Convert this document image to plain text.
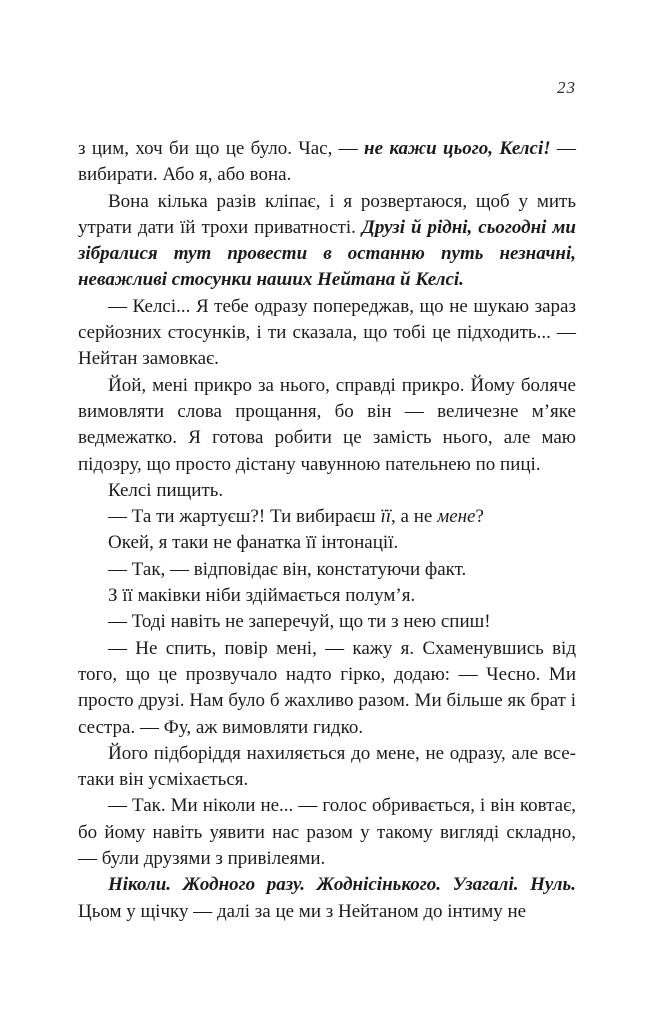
23

з цим, хоч би що це було. Час, — не кажи цього, Келсі! — вибирати. Або я, або вона.

Вона кілька разів кліпає, і я розвертаюся, щоб у мить утрати дати їй трохи приватності. Друзі й рідні, сьогодні ми зібралися тут провести в останню путь незначні, неважливі стосунки наших Нейтана й Келсі.

— Келсі... Я тебе одразу попереджав, що не шукаю зараз серйозних стосунків, і ти сказала, що тобі це підходить... — Нейтан замовкає.

Йой, мені прикро за нього, справді прикро. Йому боляче вимовляти слова прощання, бо він — величезне м’яке ведмежатко. Я готова робити це замість нього, але маю підозру, що просто дістану чавунною пательнею по пиці.

Келсі пищить.

— Та ти жартуєш?! Ти вибираєш її, а не мене?

Окей, я таки не фанатка її інтонації.

— Так, — відповідає він, констатуючи факт.

З її маківки ніби здіймається полум’я.

— Тоді навіть не заперечуй, що ти з нею спиш!

— Не спить, повір мені, — кажу я. Схаменувшись від того, що це прозвучало надто гірко, додаю: — Чесно. Ми просто друзі. Нам було б жахливо разом. Ми більше як брат і сестра. — Фу, аж вимовляти гидко.

Його підборіддя нахиляється до мене, не одразу, але все-таки він усміхається.

— Так. Ми ніколи не... — голос обривається, і він ковтає, бо йому навіть уявити нас разом у такому вигляді складно, — були друзями з привілеями.

Ніколи. Жодного разу. Жоднісінького. Узагалі. Нуль. Цьом у щічку — далі за це ми з Нейтаном до інтиму не
